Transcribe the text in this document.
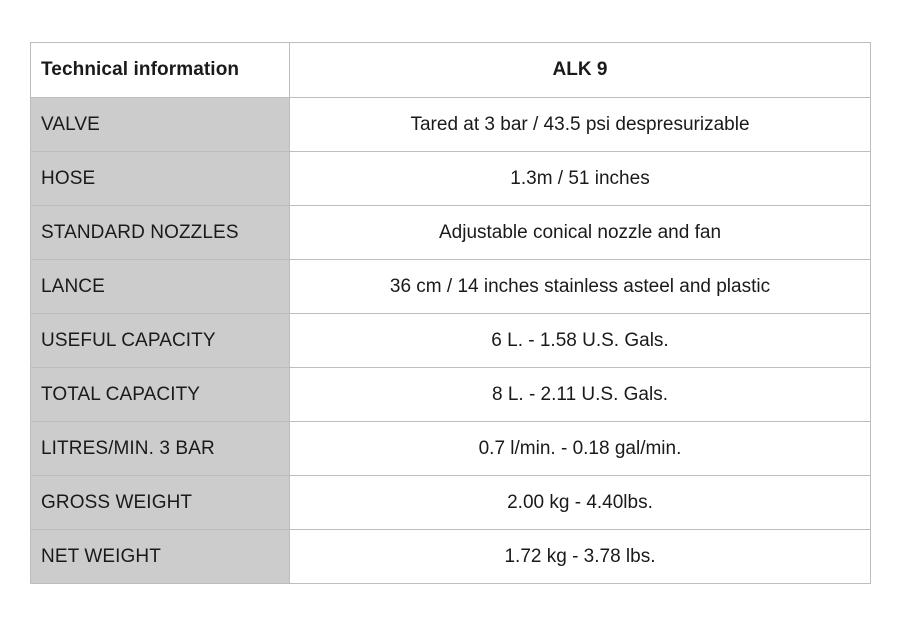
Technical information	ALK 9
VALVE	Tared at 3 bar / 43.5 psi despresurizable
HOSE	1.3m / 51 inches
STANDARD NOZZLES	Adjustable conical nozzle and fan
LANCE	36 cm / 14 inches stainless asteel and plastic
USEFUL CAPACITY	6 L. - 1.58 U.S. Gals.
TOTAL CAPACITY	8 L. - 2.11 U.S. Gals.
LITRES/MIN. 3 BAR	0.7 l/min. - 0.18 gal/min.
GROSS WEIGHT	2.00 kg - 4.40lbs.
NET WEIGHT	1.72 kg - 3.78 lbs.
